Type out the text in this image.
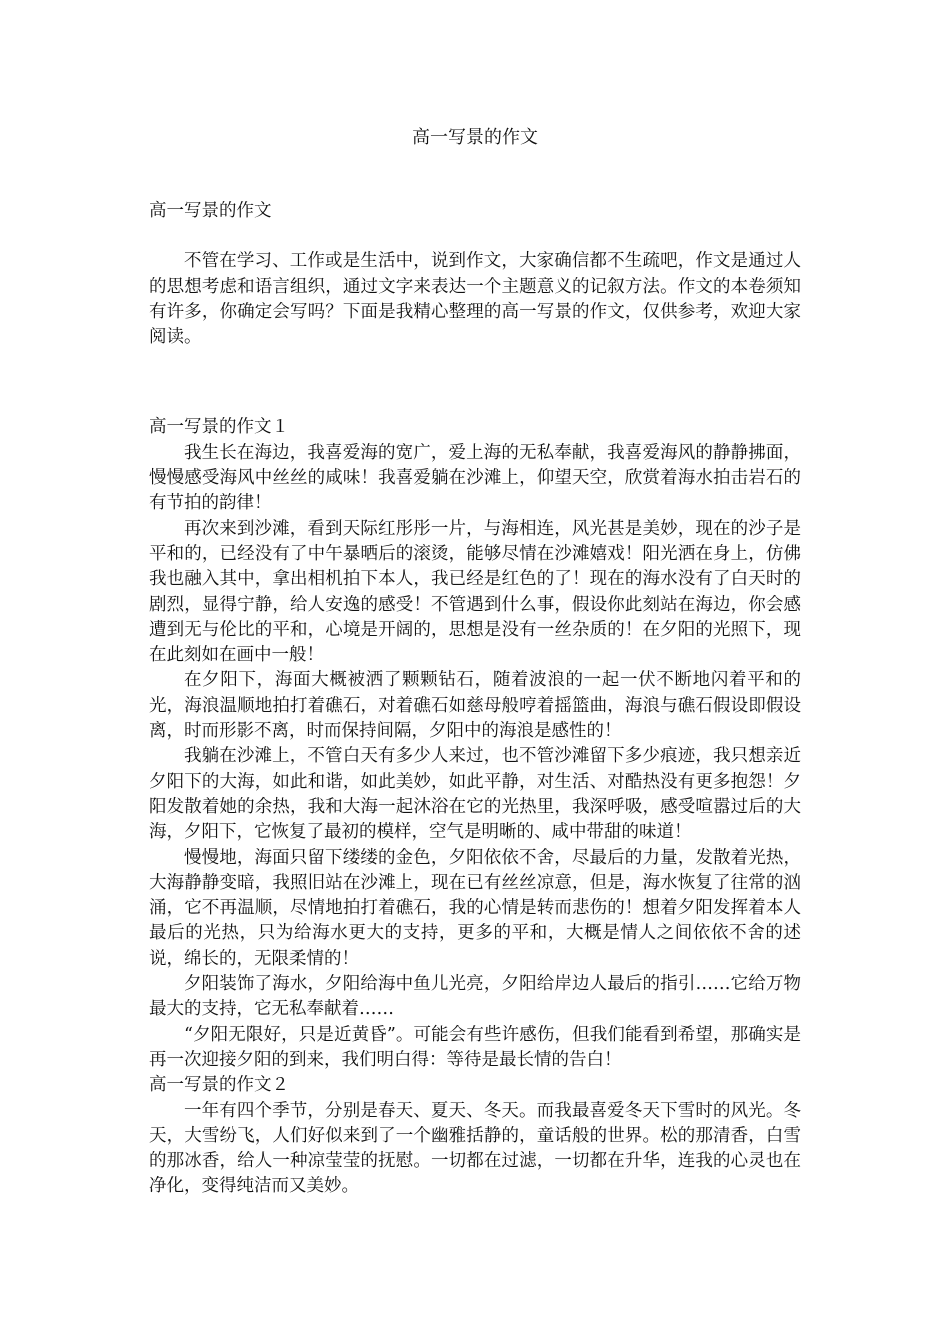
高一写景的作文

高一写景的作文

不管在学习、工作或是生活中，说到作文，大家确信都不生疏吧，作文是通过人的思想考虑和语言组织，通过文字来表达一个主题意义的记叙方法。作文的本卷须知有许多，你确定会写吗？下面是我精心整理的高一写景的作文，仅供参考，欢迎大家阅读。

高一写景的作文１

我生长在海边，我喜爱海的宽广，爱上海的无私奉献，我喜爱海风的静静拂面，慢慢感受海风中丝丝的咸味！我喜爱躺在沙滩上，仰望天空，欣赏着海水拍击岩石的有节拍的韵律！

再次来到沙滩，看到天际红彤彤一片，与海相连，风光甚是美妙，现在的沙子是平和的，已经没有了中午暴晒后的滚烫，能够尽情在沙滩嬉戏！阳光洒在身上，仿佛我也融入其中，拿出相机拍下本人，我已经是红色的了！现在的海水没有了白天时的剧烈，显得宁静，给人安逸的感受！不管遇到什么事，假设你此刻站在海边，你会感遭到无与伦比的平和，心境是开阔的，思想是没有一丝杂质的！在夕阳的光照下，现在此刻如在画中一般！

在夕阳下，海面大概被洒了颗颗钻石，随着波浪的一起一伏不断地闪着平和的光，海浪温顺地拍打着礁石，对着礁石如慈母般哼着摇篮曲，海浪与礁石假设即假设离，时而形影不离，时而保持间隔，夕阳中的海浪是感性的！

我躺在沙滩上，不管白天有多少人来过，也不管沙滩留下多少痕迹，我只想亲近夕阳下的大海，如此和谐，如此美妙，如此平静，对生活、对酷热没有更多抱怨！夕阳发散着她的余热，我和大海一起沐浴在它的光热里，我深呼吸，感受喧嚣过后的大海，夕阳下，它恢复了最初的模样，空气是明晰的、咸中带甜的味道！

慢慢地，海面只留下缕缕的金色，夕阳依依不舍，尽最后的力量，发散着光热，大海静静变暗，我照旧站在沙滩上，现在已有丝丝凉意，但是，海水恢复了往常的汹涌，它不再温顺，尽情地拍打着礁石，我的心情是转而悲伤的！想着夕阳发挥着本人最后的光热，只为给海水更大的支持，更多的平和，大概是情人之间依依不舍的述说，绵长的，无限柔情的！

夕阳装饰了海水，夕阳给海中鱼儿光亮，夕阳给岸边人最后的指引……它给万物最大的支持，它无私奉献着……

“夕阳无限好，只是近黄昏”。可能会有些许感伤，但我们能看到希望，那确实是再一次迎接夕阳的到来，我们明白得：等待是最长情的告白！

高一写景的作文２

一年有四个季节，分别是春天、夏天、冬天。而我最喜爱冬天下雪时的风光。冬天，大雪纷飞，人们好似来到了一个幽雅括静的，童话般的世界。松的那清香，白雪的那冰香，给人一种凉莹莹的抚慰。一切都在过滤，一切都在升华，连我的心灵也在净化，变得纯洁而又美妙。
